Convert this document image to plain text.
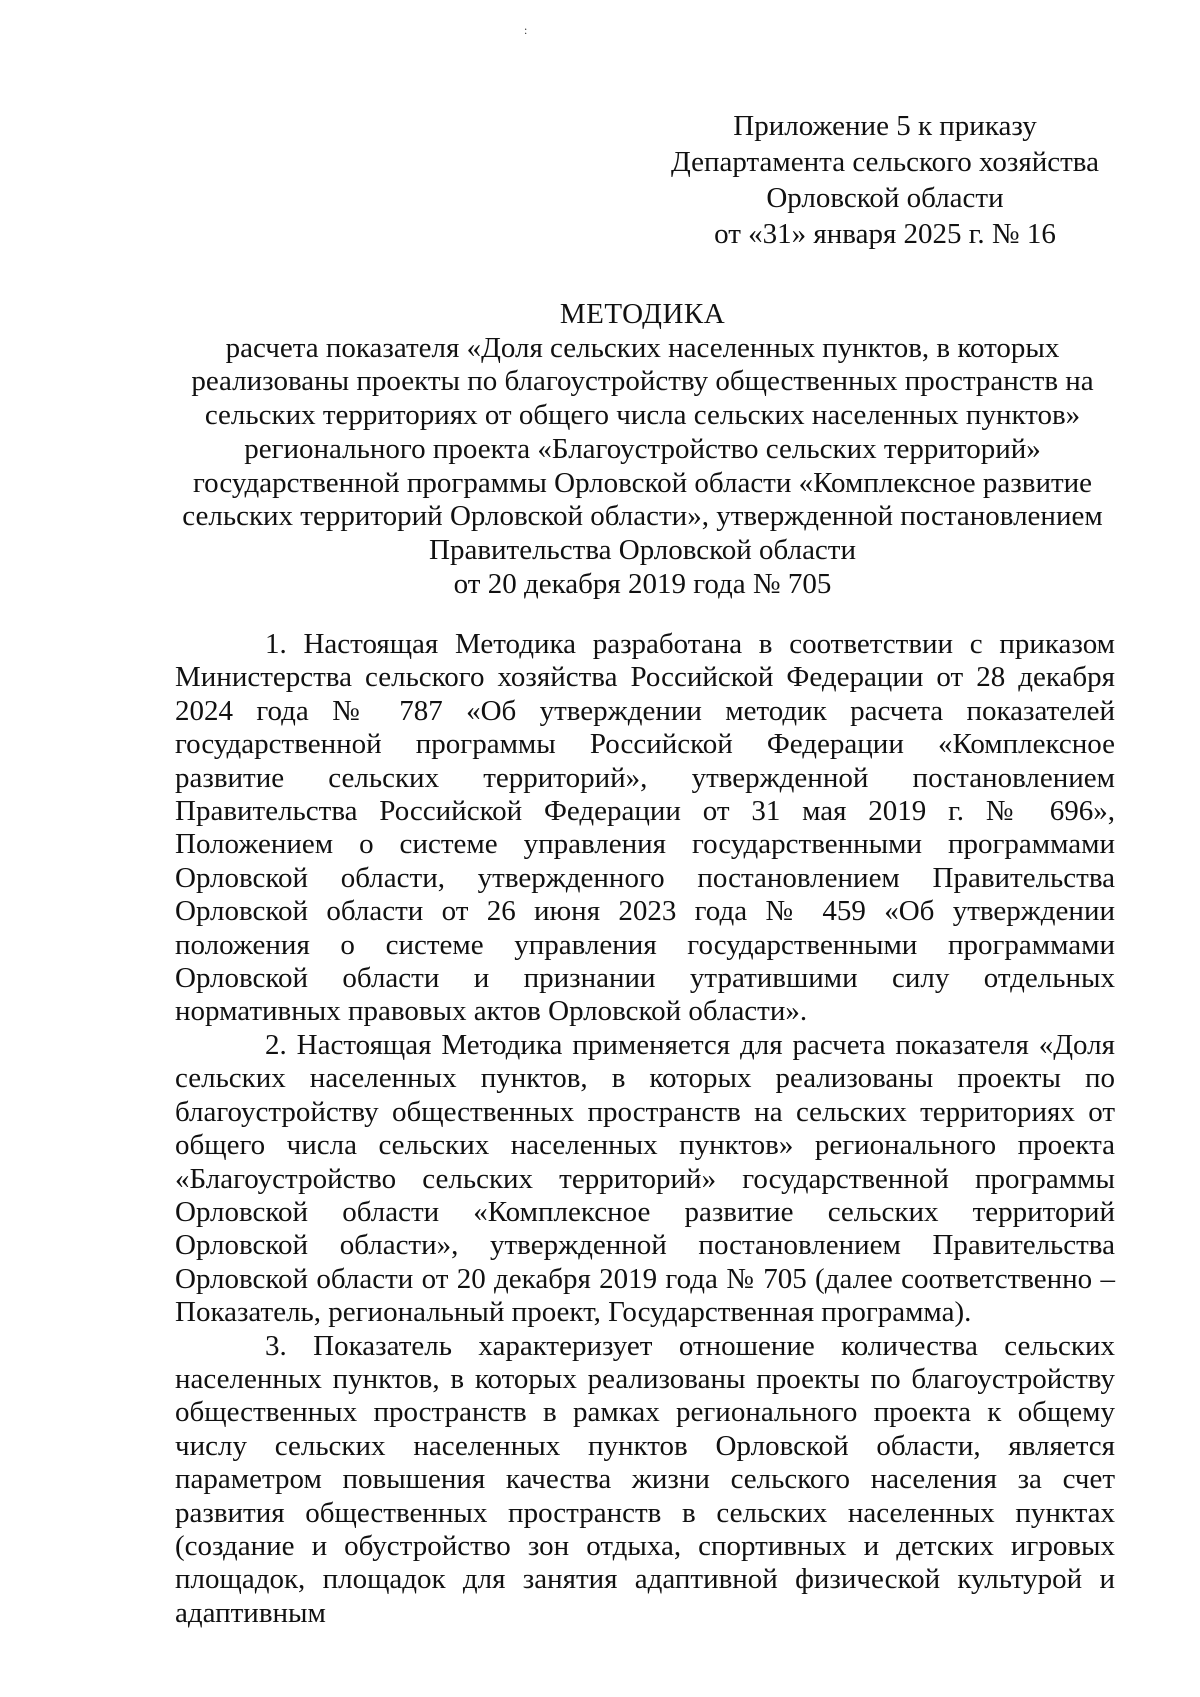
:
Приложение 5 к приказу
Департамента сельского хозяйства
Орловской области
от «31» января 2025 г. № 16
МЕТОДИКА
расчета показателя «Доля сельских населенных пунктов, в которых
реализованы проекты по благоустройству общественных пространств на
сельских территориях от общего числа сельских населенных пунктов»
регионального проекта «Благоустройство сельских территорий»
государственной программы Орловской области «Комплексное развитие
сельских территорий Орловской области», утвержденной постановлением
Правительства Орловской области
от 20 декабря 2019 года № 705

1. Настоящая Методика разработана в соответствии с приказом Министерства сельского хозяйства Российской Федерации от 28 декабря 2024 года № 787 «Об утверждении методик расчета показателей государственной программы Российской Федерации «Комплексное развитие сельских территорий», утвержденной постановлением Правительства Российской Федерации от 31 мая 2019 г. № 696», Положением о системе управления государственными программами Орловской области, утвержденного постановлением Правительства Орловской области от 26 июня 2023 года № 459 «Об утверждении положения о системе управления государственными программами Орловской области и признании утратившими силу отдельных нормативных правовых актов Орловской области».

2. Настоящая Методика применяется для расчета показателя «Доля сельских населенных пунктов, в которых реализованы проекты по благоустройству общественных пространств на сельских территориях от общего числа сельских населенных пунктов» регионального проекта «Благоустройство сельских территорий» государственной программы Орловской области «Комплексное развитие сельских территорий Орловской области», утвержденной постановлением Правительства Орловской области от 20 декабря 2019 года № 705 (далее соответственно – Показатель, региональный проект, Государственная программа).

3. Показатель характеризует отношение количества сельских населенных пунктов, в которых реализованы проекты по благоустройству общественных пространств в рамках регионального проекта к общему числу сельских населенных пунктов Орловской области, является параметром повышения качества жизни сельского населения за счет развития общественных пространств в сельских населенных пунктах (создание и обустройство зон отдыха, спортивных и детских игровых площадок, площадок для занятия адаптивной физической культурой и адаптивным
